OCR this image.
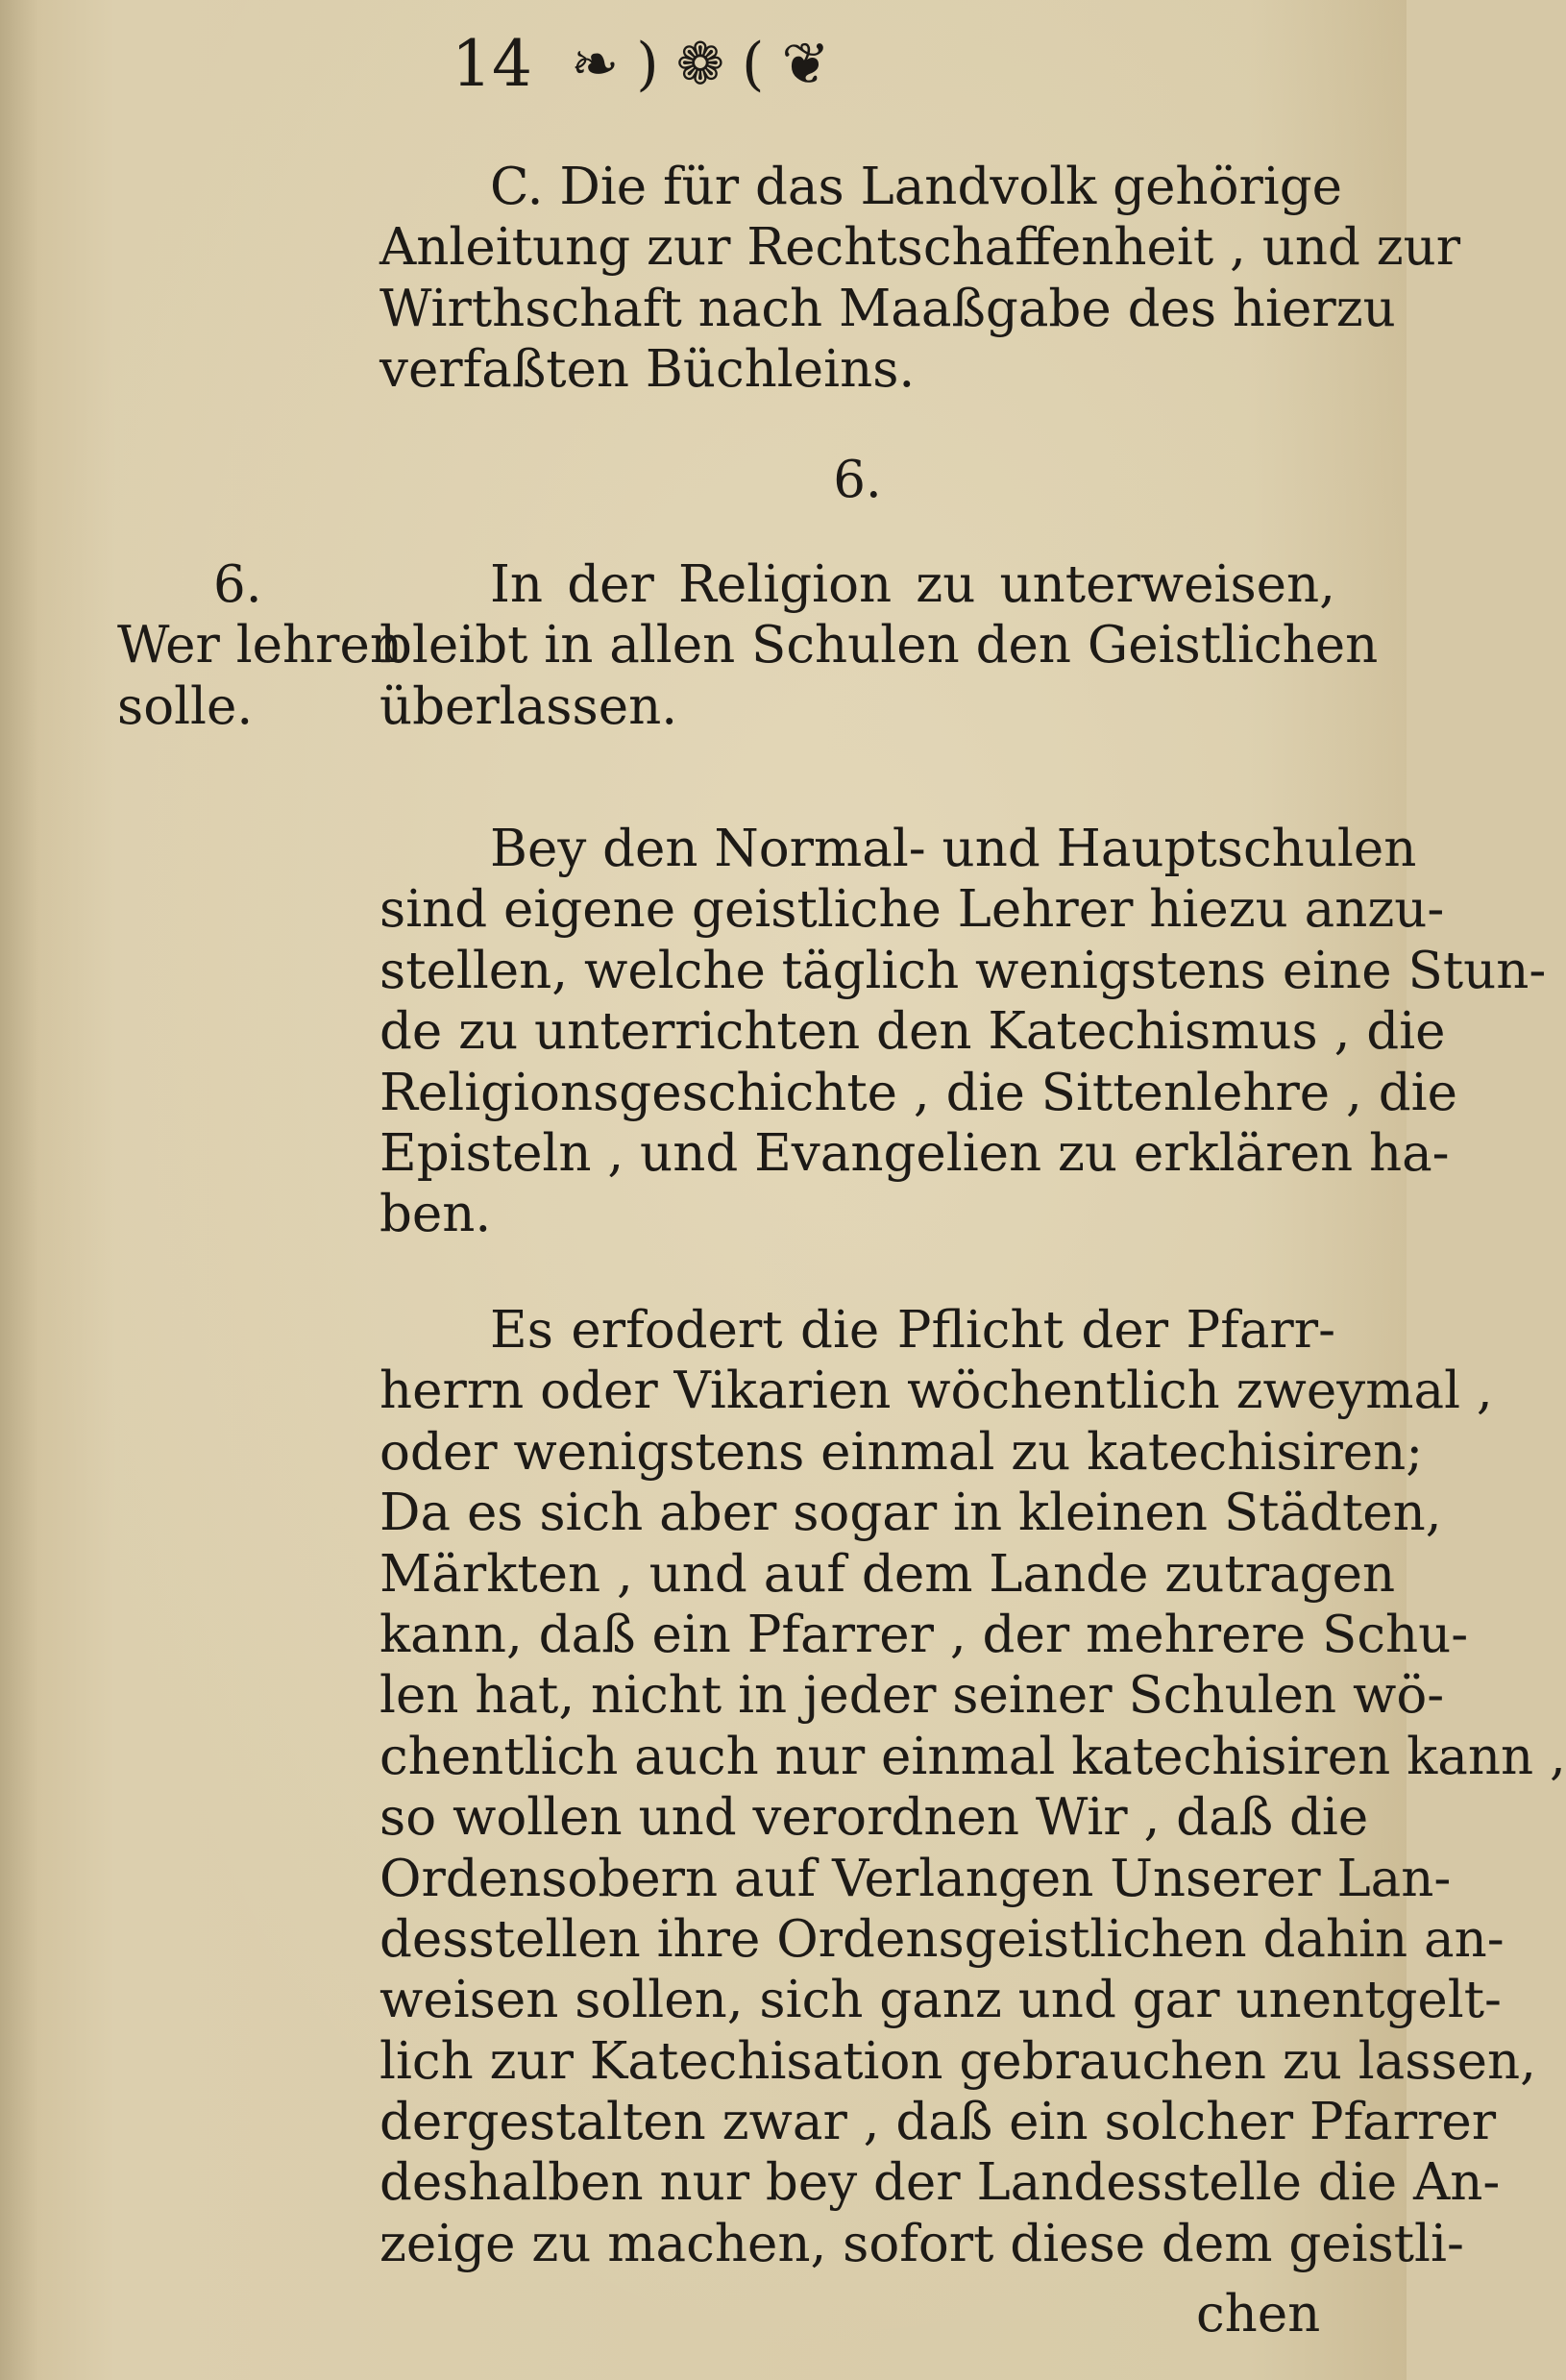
14 ❧ ) ❁ ( ❦
C. Die für das Landvolk gehörige
Anleitung zur Rechtschaffenheit , und zur
Wirthschaft nach Maaßgabe des hierzu
verfaßten Büchleins.
6.
6.
Wer lehren
solle.
In der Religion zu unterweisen,
bleibt in allen Schulen den Geistlichen
überlassen.
Bey den Normal- und Hauptschulen
sind eigene geistliche Lehrer hiezu anzu-
stellen, welche täglich wenigstens eine Stun-
de zu unterrichten den Katechismus , die
Religionsgeschichte , die Sittenlehre , die
Episteln , und Evangelien zu erklären ha-
ben.
Es erfodert die Pflicht der Pfarr-
herrn oder Vikarien wöchentlich zweymal ,
oder wenigstens einmal zu katechisiren;
Da es sich aber sogar in kleinen Städten,
Märkten , und auf dem Lande zutragen
kann, daß ein Pfarrer , der mehrere Schu-
len hat, nicht in jeder seiner Schulen wö-
chentlich auch nur einmal katechisiren kann ,
so wollen und verordnen Wir , daß die
Ordensobern auf Verlangen Unserer Lan-
desstellen ihre Ordensgeistlichen dahin an-
weisen sollen, sich ganz und gar unentgelt-
lich zur Katechisation gebrauchen zu lassen,
dergestalten zwar , daß ein solcher Pfarrer
deshalben nur bey der Landesstelle die An-
zeige zu machen, sofort diese dem geistli-
chen
